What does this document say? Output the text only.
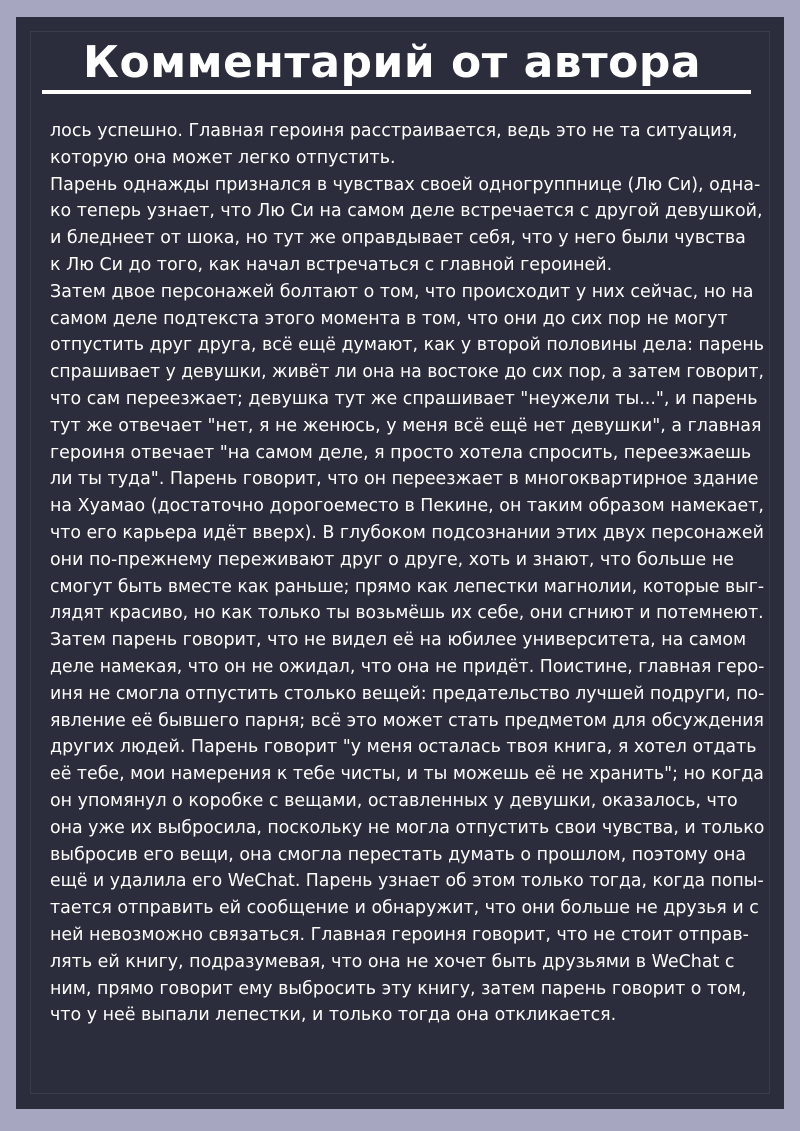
Комментарий от автора
лось успешно. Главная героиня расстраивается, ведь это не та ситуация,
которую она может легко отпустить.
Парень однажды признался в чувствах своей одногруппнице (Лю Си), одна-
ко теперь узнает, что Лю Си на самом деле встречается с другой девушкой,
и бледнеет от шока, но тут же оправдывает себя, что у него были чувства
к Лю Си до того, как начал встречаться с главной героиней.
Затем двое персонажей болтают о том, что происходит у них сейчас, но на
самом деле подтекста этого момента в том, что они до сих пор не могут
отпустить друг друга, всё ещё думают, как у второй половины дела: парень
спрашивает у девушки, живёт ли она на востоке до сих пор, а затем говорит,
что сам переезжает; девушка тут же спрашивает "неужели ты...", и парень
тут же отвечает "нет, я не женюсь, у меня всё ещё нет девушки", а главная
героиня отвечает "на самом деле, я просто хотела спросить, переезжаешь
ли ты туда". Парень говорит, что он переезжает в многоквартирное здание
на Хуамао (достаточно дорогоеместо в Пекине, он таким образом намекает,
что его карьера идёт вверх). В глубоком подсознании этих двух персонажей
они по-прежнему переживают друг о друге, хоть и знают, что больше не
смогут быть вместе как раньше; прямо как лепестки магнолии, которые выг-
лядят красиво, но как только ты возьмёшь их себе, они сгниют и потемнеют.
Затем парень говорит, что не видел её на юбилее университета, на самом
деле намекая, что он не ожидал, что она не придёт. Поистине, главная геро-
иня не смогла отпустить столько вещей: предательство лучшей подруги, по-
явление её бывшего парня; всё это может стать предметом для обсуждения
других людей. Парень говорит "у меня осталась твоя книга, я хотел отдать
её тебе, мои намерения к тебе чисты, и ты можешь её не хранить"; но когда
он упомянул о коробке с вещами, оставленных у девушки, оказалось, что
она уже их выбросила, поскольку не могла отпустить свои чувства, и только
выбросив его вещи, она смогла перестать думать о прошлом, поэтому она
ещё и удалила его WeChat. Парень узнает об этом только тогда, когда попы-
тается отправить ей сообщение и обнаружит, что они больше не друзья и с
ней невозможно связаться. Главная героиня говорит, что не стоит отправ-
лять ей книгу, подразумевая, что она не хочет быть друзьями в WeChat с
ним, прямо говорит ему выбросить эту книгу, затем парень говорит о том,
что у неё выпали лепестки, и только тогда она откликается.
